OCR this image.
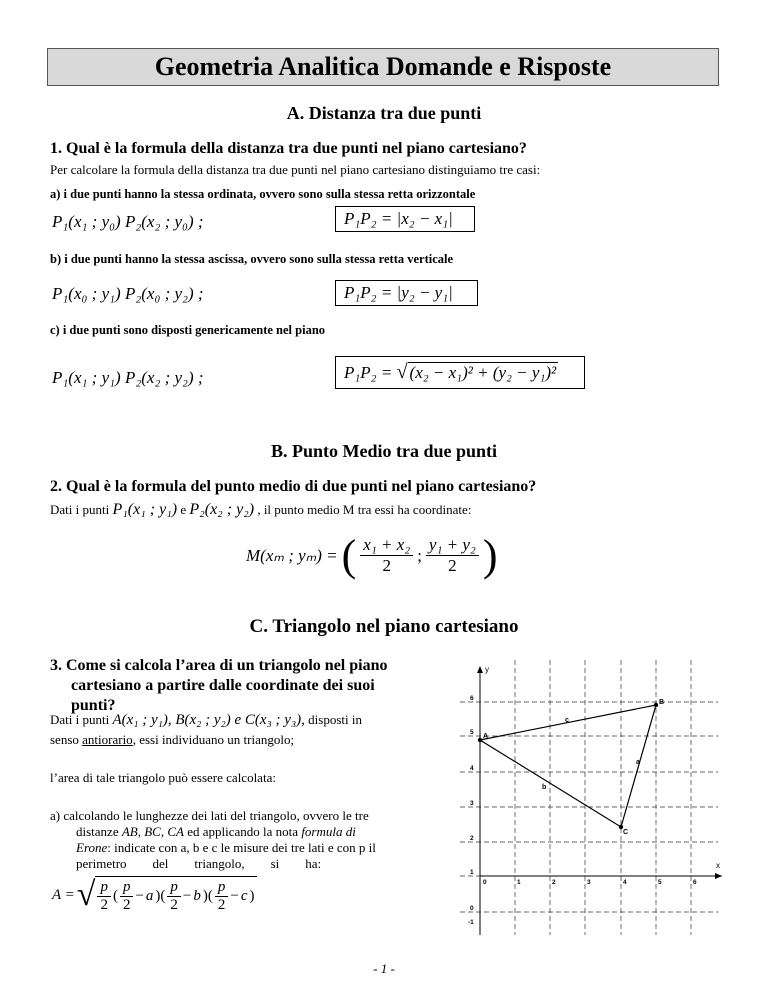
Geometria Analitica Domande e Risposte
A. Distanza tra due punti
1. Qual è la formula della distanza tra due punti nel piano cartesiano?
Per calcolare la formula della distanza tra due punti nel piano cartesiano distinguiamo tre casi:
a) i due punti hanno la stessa ordinata, ovvero sono sulla stessa retta orizzontale
P₁(x₁ ; y₀) P₂(x₂ ; y₀) ;	P₁P₂ = |x₂ − x₁|
b) i due punti hanno la stessa ascissa, ovvero sono sulla stessa retta verticale
P₁(x₀ ; y₁) P₂(x₀ ; y₂) ;	P₁P₂ = |y₂ − y₁|
c) i due punti sono disposti genericamente nel piano
P₁(x₁ ; y₁) P₂(x₂ ; y₂) ;	P₁P₂ = √ (x₂ − x₁)² + (y₂ − y₁)²
B. Punto Medio tra due punti
2. Qual è la formula del punto medio di due punti nel piano cartesiano?
Dati i punti P₁(x₁ ; y₁) e P₂(x₂ ; y₂) , il punto medio M tra essi ha coordinate:
M(xₘ ; yₘ) = ( $\frac{\text{x₁ + x₂}}{2}$ ; $\frac{\text{y₁ + y₂}}{2}$ )
C. Triangolo nel piano cartesiano
3. Come si calcola l’area di un triangolo nel piano
cartesiano a partire dalle coordinate dei suoi
punti?
Dati i punti A(x₁ ; y₁), B(x₂ ; y₂) e C(x₃ ; y₃), disposti in
senso antiorario, essi individuano un triangolo;
l’area di tale triangolo può essere calcolata:
a) calcolando le lunghezze dei lati del triangolo, ovvero le tre
distanze AB, BC, CA ed applicando la nota formula di
Erone: indicate con a, b e c le misure dei tre lati e con p il
perimetro        del        triangolo,        si        ha:
A = √ $\frac{p}{2}$ ( $\frac{p}{2} - a$ )( $\frac{p}{2} - b$ )( $\frac{p}{2} - c$ )
x
y
0	1	2	3	4	5	6
6
5
4
3
2
1
0
-1
A
B
C
c
a
b
- 1 -
